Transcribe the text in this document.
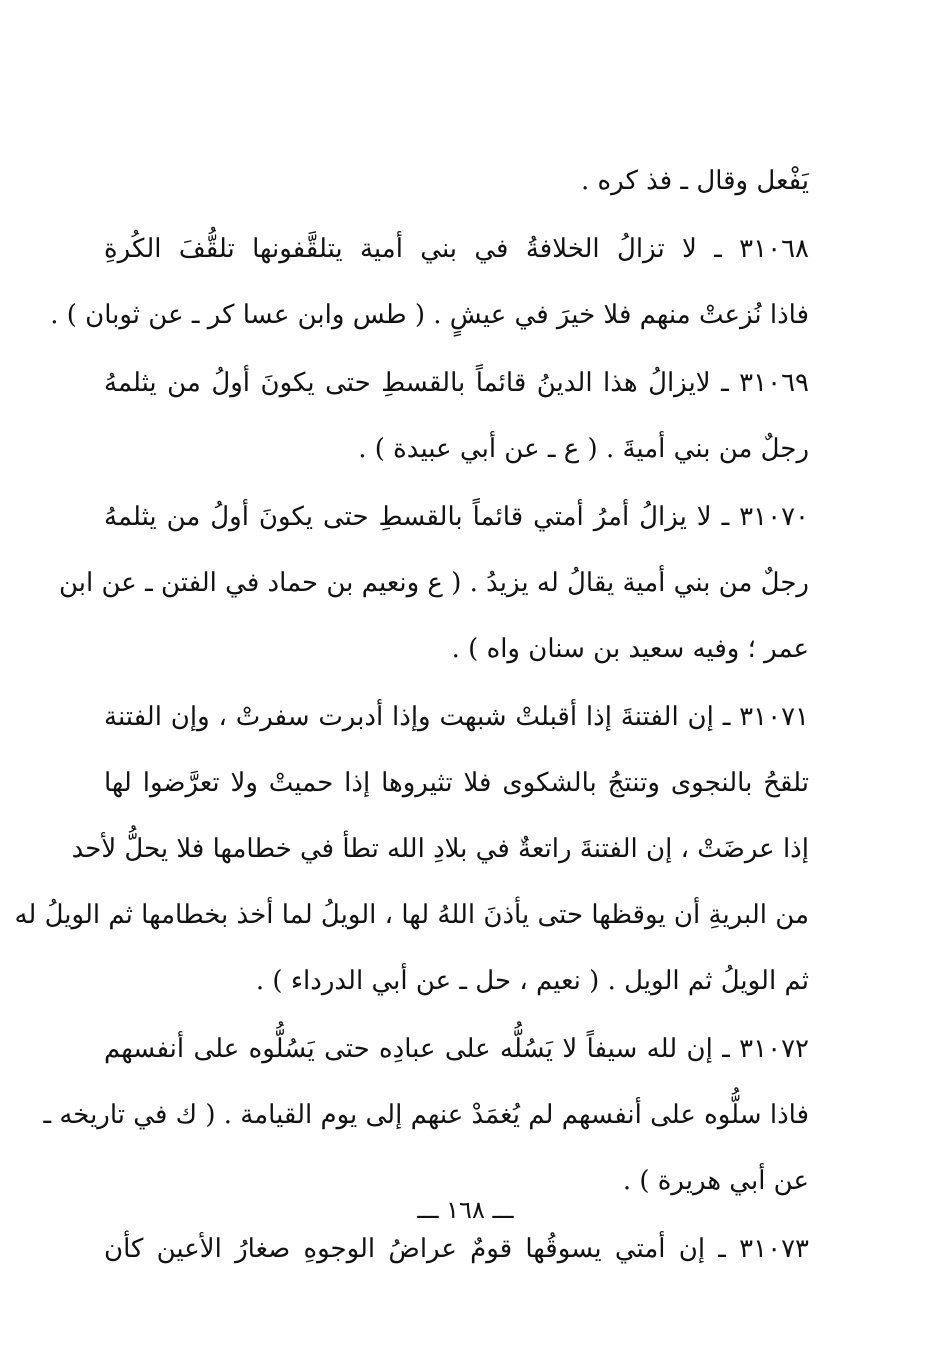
يَفْعل وقال ـ فذ كره .
٣١٠٦٨ ـ لا تزالُ الخلافةُ في بني أمية يتلقَّفونها تلقُّفَ الكُرةِ
فاذا نُزعتْ منهم فلا خيرَ في عيشٍ . ( طس وابن عسا كر ـ عن ثوبان ) .
٣١٠٦٩ ـ لايزالُ هذا الدينُ قائماً بالقسطِ حتى يكونَ أولُ من يثلمهُ
رجلٌ من بني أميةَ . ( ع ـ عن أبي عبيدة ) .
٣١٠٧٠ ـ لا يزالُ أمرُ أمتي قائماً بالقسطِ حتى يكونَ أولُ من يثلمهُ
رجلٌ من بني أمية يقالُ له يزيدُ . ( ع ونعيم بن حماد في الفتن ـ عن ابن
عمر ؛ وفيه سعيد بن سنان واه ) .
٣١٠٧١ ـ إن الفتنةَ إذا أقبلتْ شبهت وإذا أدبرت سفرتْ ، وإن الفتنة
تلقحُ بالنجوى وتنتجُ بالشكوى فلا تثيروها إذا حميتْ ولا تعرَّضوا لها
إذا عرضَتْ ، إن الفتنةَ راتعةٌ في بلادِ الله تطأ في خطامها فلا يحلُّ لأحد
من البريةِ أن يوقظها حتى يأذنَ اللهُ لها ، الويلُ لما أخذ بخطامها ثم الويلُ له
ثم الويلُ ثم الويل . ( نعيم ، حل ـ عن أبي الدرداء ) .
٣١٠٧٢ ـ إن لله سيفاً لا يَسُلُّه على عبادِه حتى يَسُلُّوه على أنفسهم
فاذا سلُّوه على أنفسهم لم يُغمَدْ عنهم إلى يوم القيامة . ( ك في تاريخه ـ
عن أبي هريرة ) .
٣١٠٧٣ ـ إن أمتي يسوقُها قومٌ عراضُ الوجوهِ صغارُ الأعين كأن
ـــ ١٦٨ ـــ
